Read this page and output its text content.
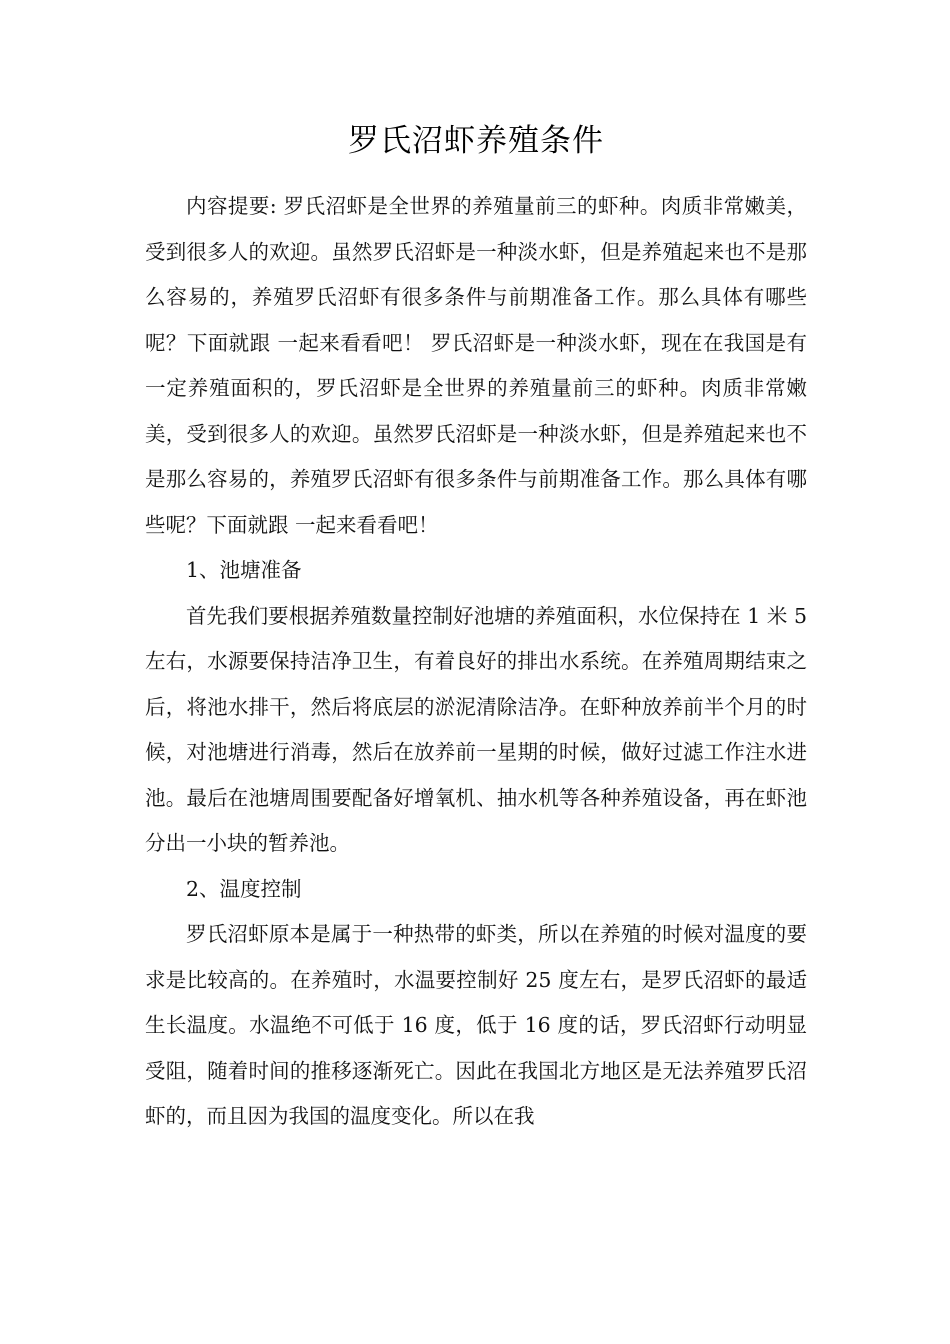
罗氏沼虾养殖条件

内容提要: 罗氏沼虾是全世界的养殖量前三的虾种。肉质非常嫩美，受到很多人的欢迎。虽然罗氏沼虾是一种淡水虾，但是养殖起来也不是那么容易的，养殖罗氏沼虾有很多条件与前期准备工作。那么具体有哪些呢？下面就跟 一起来看看吧！ 罗氏沼虾是一种淡水虾，现在在我国是有一定养殖面积的，罗氏沼虾是全世界的养殖量前三的虾种。肉质非常嫩美，受到很多人的欢迎。虽然罗氏沼虾是一种淡水虾，但是养殖起来也不是那么容易的，养殖罗氏沼虾有很多条件与前期准备工作。那么具体有哪些呢？下面就跟 一起来看看吧！

1、池塘准备

首先我们要根据养殖数量控制好池塘的养殖面积，水位保持在 1 米 5 左右，水源要保持洁净卫生，有着良好的排出水系统。在养殖周期结束之后，将池水排干，然后将底层的淤泥清除洁净。在虾种放养前半个月的时候，对池塘进行消毒，然后在放养前一星期的时候，做好过滤工作注水进池。最后在池塘周围要配备好增氧机、抽水机等各种养殖设备，再在虾池分出一小块的暂养池。

2、温度控制

罗氏沼虾原本是属于一种热带的虾类，所以在养殖的时候对温度的要求是比较高的。在养殖时，水温要控制好 25 度左右，是罗氏沼虾的最适生长温度。水温绝不可低于 16 度，低于 16 度的话，罗氏沼虾行动明显受阻，随着时间的推移逐渐死亡。因此在我国北方地区是无法养殖罗氏沼虾的，而且因为我国的温度变化。所以在我
